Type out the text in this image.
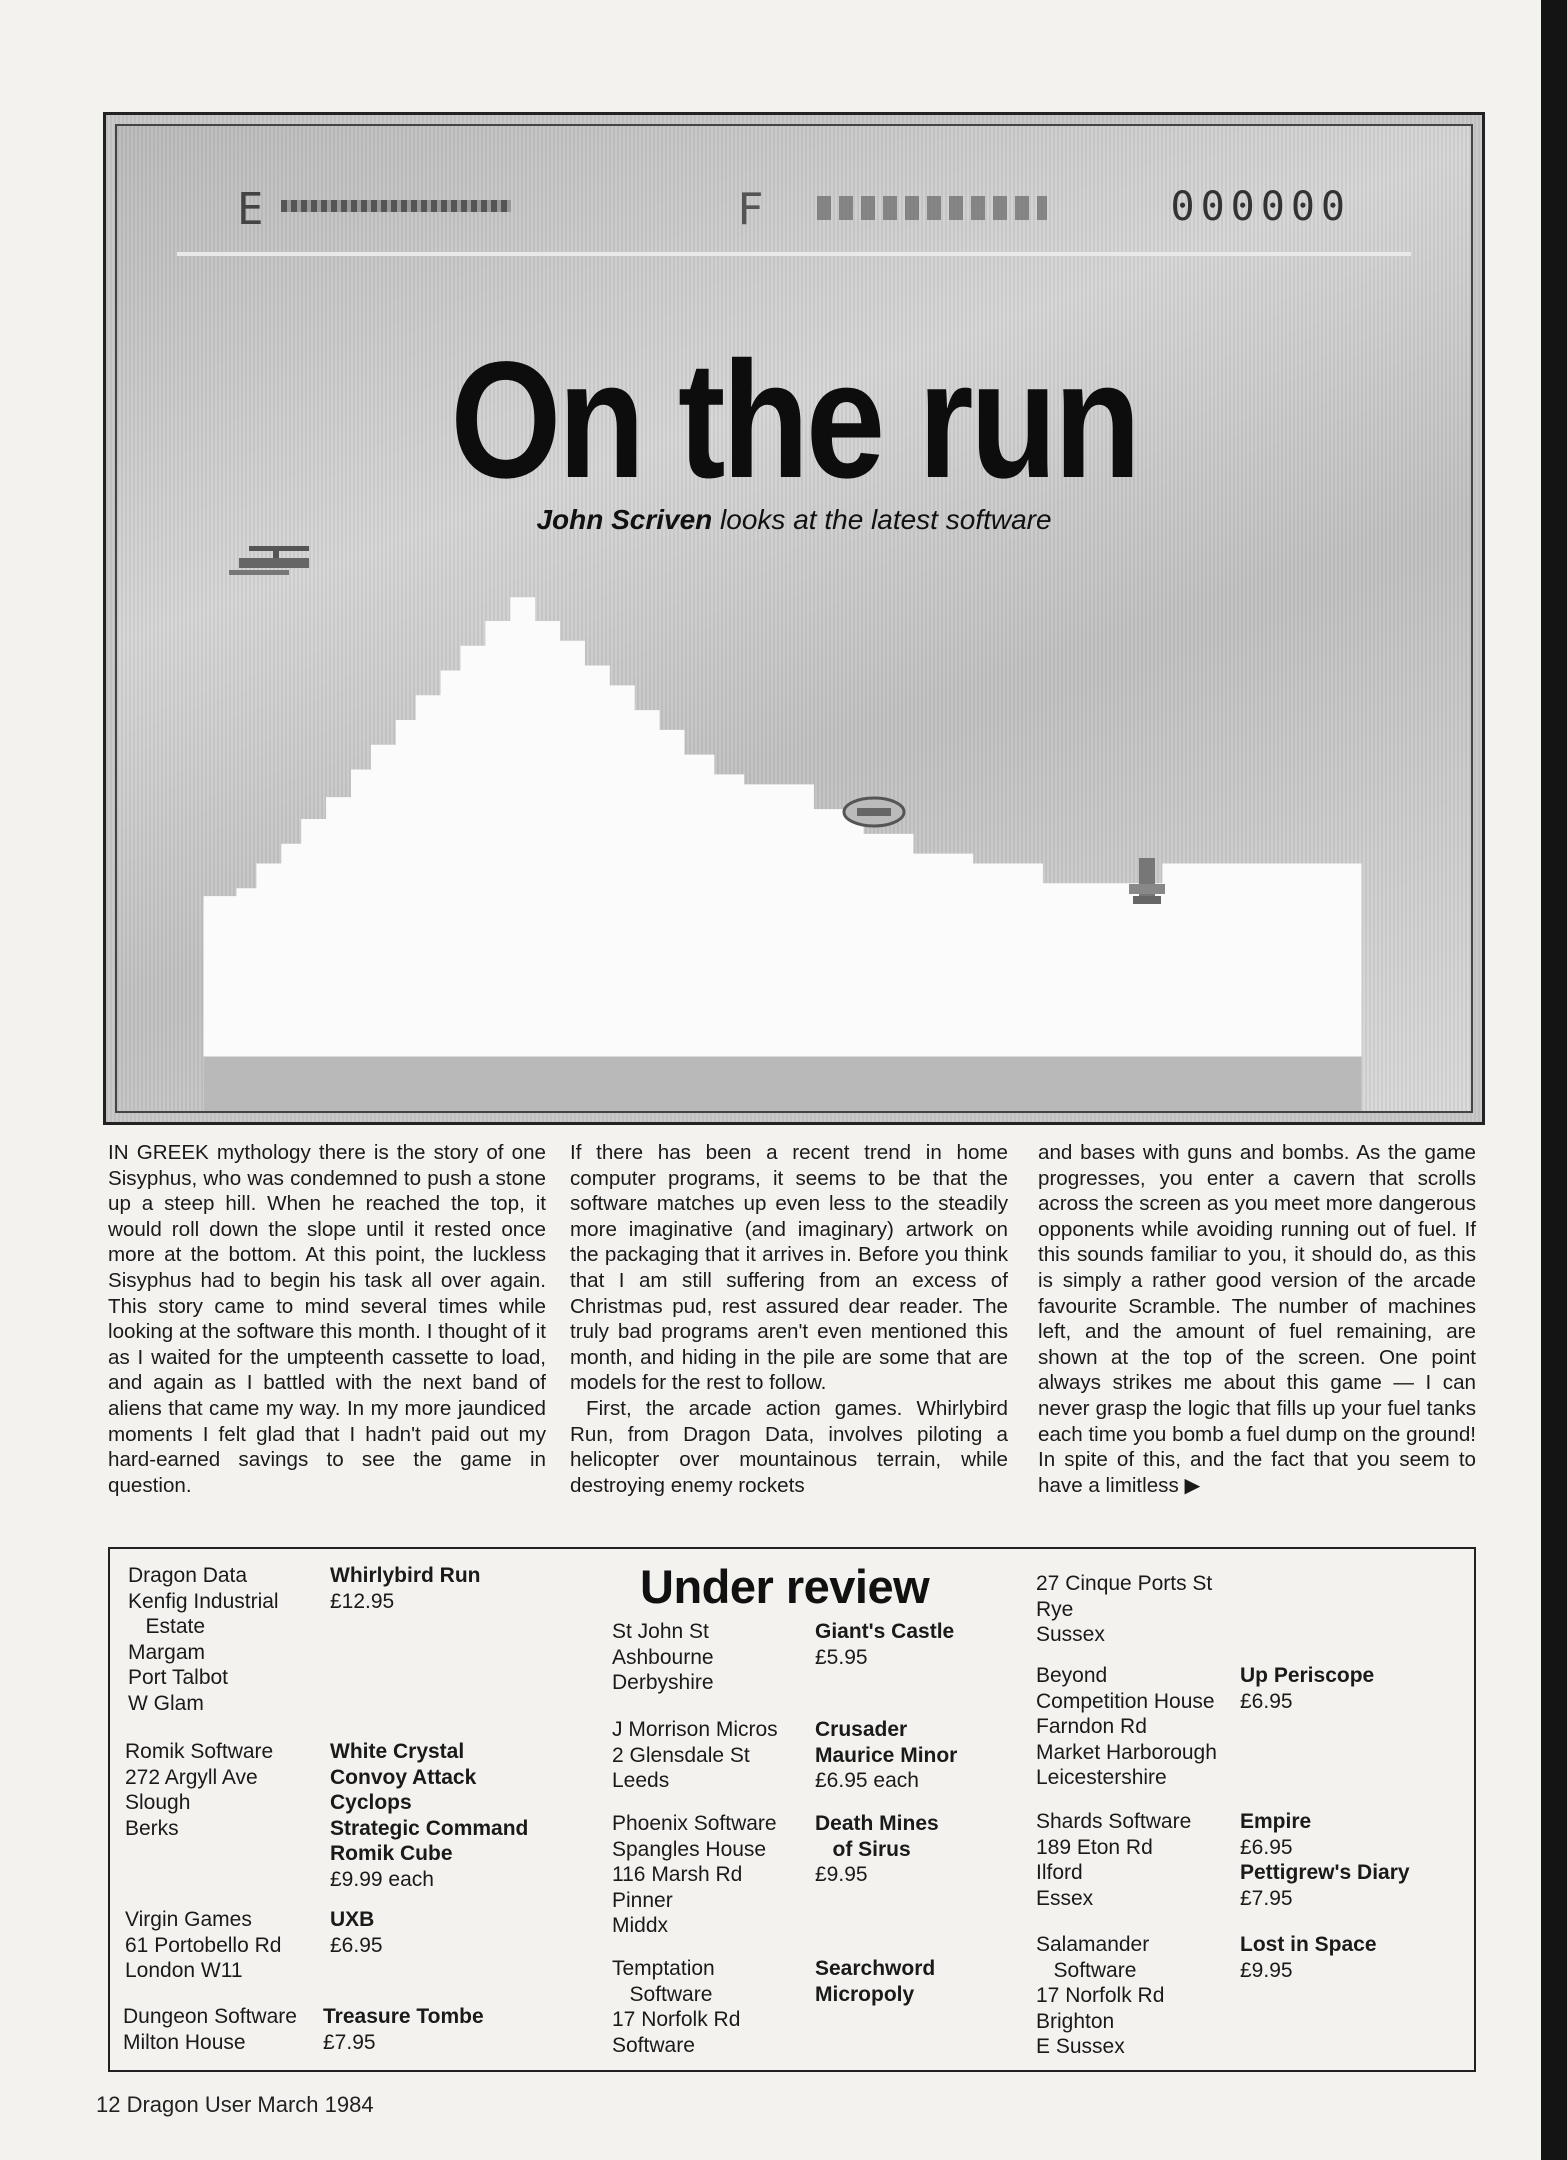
E	F	000000
On the run
John Scriven looks at the latest software

IN GREEK mythology there is the story of one Sisyphus, who was condemned to push a stone up a steep hill. When he reached the top, it would roll down the slope until it rested once more at the bottom. At this point, the luckless Sisyphus had to begin his task all over again. This story came to mind several times while looking at the software this month. I thought of it as I waited for the umpteenth cassette to load, and again as I battled with the next band of aliens that came my way. In my more jaundiced moments I felt glad that I hadn't paid out my hard-earned savings to see the game in question.

If there has been a recent trend in home computer programs, it seems to be that the software matches up even less to the steadily more imaginative (and imaginary) artwork on the packaging that it arrives in. Before you think that I am still suffering from an excess of Christmas pud, rest assured dear reader. The truly bad programs aren't even mentioned this month, and hiding in the pile are some that are models for the rest to follow.

First, the arcade action games. Whirlybird Run, from Dragon Data, involves piloting a helicopter over mountainous terrain, while destroying enemy rockets

and bases with guns and bombs. As the game progresses, you enter a cavern that scrolls across the screen as you meet more dangerous opponents while avoiding running out of fuel. If this sounds familiar to you, it should do, as this is simply a rather good version of the arcade favourite Scramble. The number of machines left, and the amount of fuel remaining, are shown at the top of the screen. One point always strikes me about this game — I can never grasp the logic that fills up your fuel tanks each time you bomb a fuel dump on the ground! In spite of this, and the fact that you seem to have a limitless ▶

Under review
Dragon Data
Kenfig Industrial
Estate
Margam
Port Talbot
W Glam
Whirlybird Run
£12.95
Romik Software
272 Argyll Ave
Slough
Berks
White Crystal
Convoy Attack
Cyclops
Strategic Command
Romik Cube
£9.99 each
Virgin Games
61 Portobello Rd
London W11
UXB
£6.95
Dungeon Software
Milton House
Treasure Tombe
£7.95
St John St
Ashbourne
Derbyshire
Giant's Castle
£5.95
J Morrison Micros
2 Glensdale St
Leeds
Crusader
Maurice Minor
£6.95 each
Phoenix Software
Spangles House
116 Marsh Rd
Pinner
Middx
Death Mines
of Sirus
£9.95
Temptation
Software
17 Norfolk Rd
Software
Searchword
Micropoly
27 Cinque Ports St
Rye
Sussex
Beyond
Competition House
Farndon Rd
Market Harborough
Leicestershire
Up Periscope
£6.95
Shards Software
189 Eton Rd
Ilford
Essex
Empire
£6.95
Pettigrew's Diary
£7.95
Salamander
Software
17 Norfolk Rd
Brighton
E Sussex
Lost in Space
£9.95
12 Dragon User March 1984
